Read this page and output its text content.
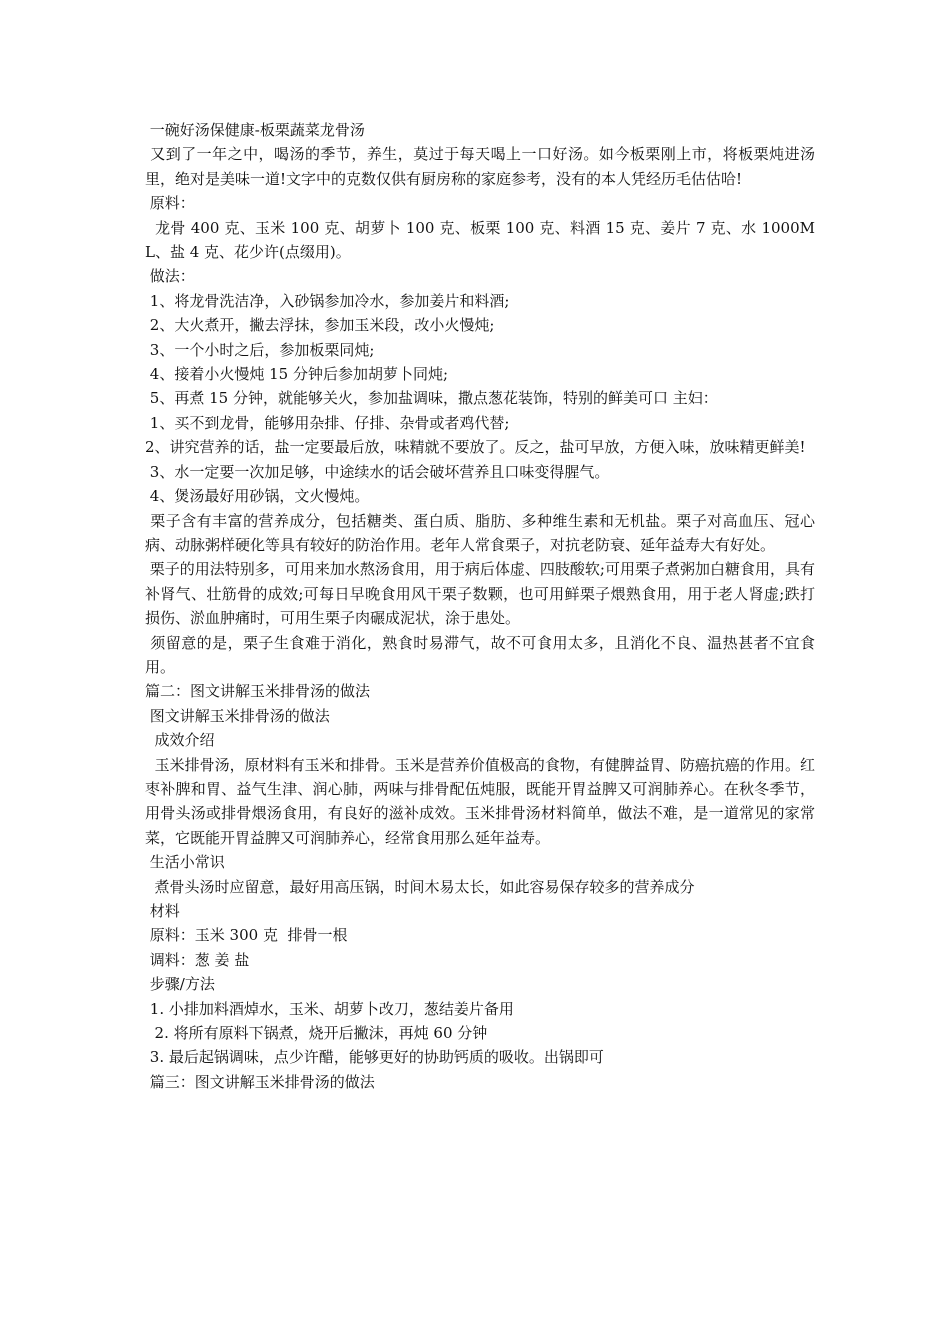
一碗好汤保健康-板栗蔬菜龙骨汤

又到了一年之中，喝汤的季节，养生，莫过于每天喝上一口好汤。如今板栗刚上市，将板栗炖进汤里，绝对是美味一道!文字中的克数仅供有厨房称的家庭参考，没有的本人凭经历毛估估哈!

原料：

龙骨 400 克、玉米 100 克、胡萝卜 100 克、板栗 100 克、料酒 15 克、姜片 7 克、水 1000ML、盐 4 克、花少许(点缀用)。

做法：

1、将龙骨洗洁净，入砂锅参加冷水，参加姜片和料酒;

2、大火煮开，撇去浮抹，参加玉米段，改小火慢炖;

3、一个小时之后，参加板栗同炖;

4、接着小火慢炖 15 分钟后参加胡萝卜同炖;

5、再煮 15 分钟，就能够关火，参加盐调味，撒点葱花装饰，特别的鲜美可口 主妇：

1、买不到龙骨，能够用杂排、仔排、杂骨或者鸡代替;

2、讲究营养的话，盐一定要最后放，味精就不要放了。反之，盐可早放，方便入味，放味精更鲜美!

3、水一定要一次加足够，中途续水的话会破坏营养且口味变得腥气。

4、煲汤最好用砂锅，文火慢炖。

栗子含有丰富的营养成分，包括糖类、蛋白质、脂肪、多种维生素和无机盐。栗子对高血压、冠心病、动脉粥样硬化等具有较好的防治作用。老年人常食栗子，对抗老防衰、延年益寿大有好处。

栗子的用法特别多，可用来加水熬汤食用，用于病后体虚、四肢酸软;可用栗子煮粥加白糖食用，具有补肾气、壮筋骨的成效;可每日早晚食用风干栗子数颗，也可用鲜栗子煨熟食用，用于老人肾虚;跌打损伤、淤血肿痛时，可用生栗子肉碾成泥状，涂于患处。

须留意的是，栗子生食难于消化，熟食时易滞气，故不可食用太多，且消化不良、温热甚者不宜食用。

篇二：图文讲解玉米排骨汤的做法

图文讲解玉米排骨汤的做法

成效介绍

玉米排骨汤，原材料有玉米和排骨。玉米是营养价值极高的食物，有健脾益胃、防癌抗癌的作用。红枣补脾和胃、益气生津、润心肺，两味与排骨配伍炖服，既能开胃益脾又可润肺养心。在秋冬季节，用骨头汤或排骨煨汤食用，有良好的滋补成效。玉米排骨汤材料简单，做法不难，是一道常见的家常菜，它既能开胃益脾又可润肺养心，经常食用那么延年益寿。

生活小常识

煮骨头汤时应留意，最好用高压锅，时间木易太长，如此容易保存较多的营养成分

材料

原料：玉米 300 克  排骨一根

调料：葱 姜 盐

步骤/方法

1. 小排加料酒焯水，玉米、胡萝卜改刀，葱结姜片备用

2. 将所有原料下锅煮，烧开后撇沫，再炖 60 分钟

3. 最后起锅调味，点少许醋，能够更好的协助钙质的吸收。出锅即可

篇三：图文讲解玉米排骨汤的做法
